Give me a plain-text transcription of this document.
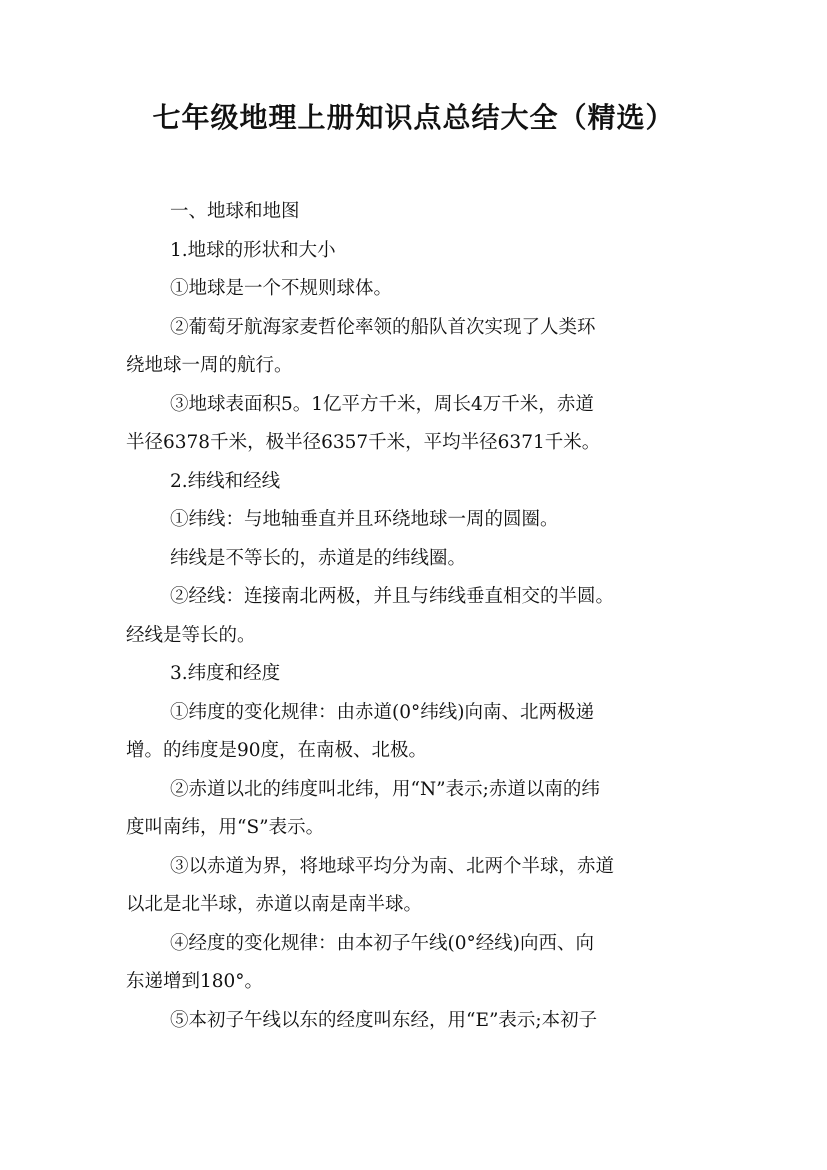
七年级地理上册知识点总结大全（精选）
一、地球和地图
1.地球的形状和大小
①地球是一个不规则球体。
②葡萄牙航海家麦哲伦率领的船队首次实现了人类环
绕地球一周的航行。
③地球表面积5。1亿平方千米，周长4万千米，赤道
半径6378千米，极半径6357千米，平均半径6371千米。
2.纬线和经线
①纬线：与地轴垂直并且环绕地球一周的圆圈。
纬线是不等长的，赤道是的纬线圈。
②经线：连接南北两极，并且与纬线垂直相交的半圆。
经线是等长的。
3.纬度和经度
①纬度的变化规律：由赤道(0°纬线)向南、北两极递
增。的纬度是90度，在南极、北极。
②赤道以北的纬度叫北纬，用“N”表示;赤道以南的纬
度叫南纬，用“S”表示。
③以赤道为界，将地球平均分为南、北两个半球，赤道
以北是北半球，赤道以南是南半球。
④经度的变化规律：由本初子午线(0°经线)向西、向
东递增到180°。
⑤本初子午线以东的经度叫东经，用“E”表示;本初子
